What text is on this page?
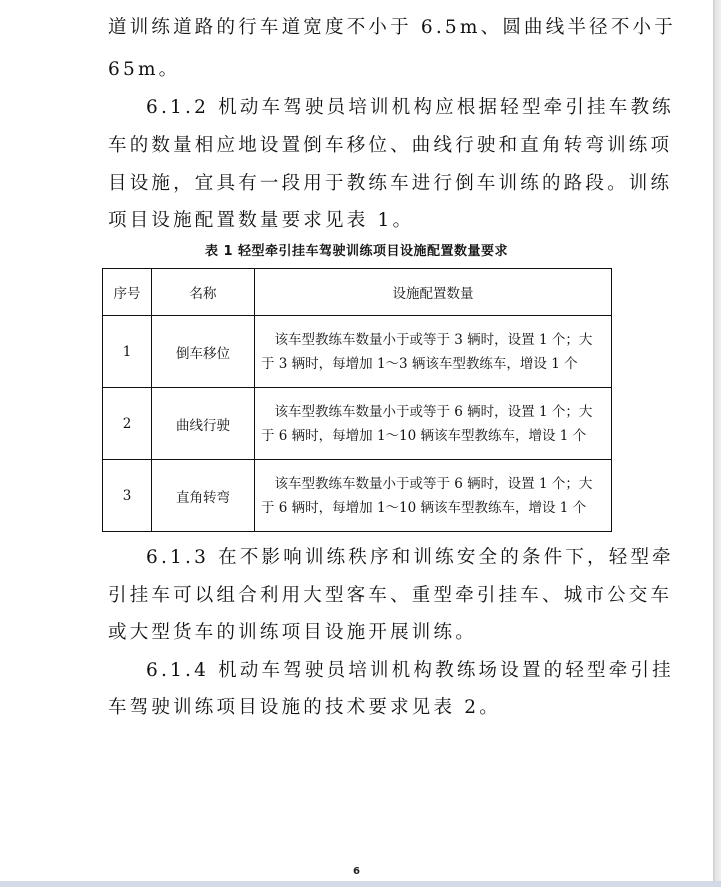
道训练道路的行车道宽度不小于 6.5m、圆曲线半径不小于
65m。
6.1.2 机动车驾驶员培训机构应根据轻型牵引挂车教练
车的数量相应地设置倒车移位、曲线行驶和直角转弯训练项
目设施，宜具有一段用于教练车进行倒车训练的路段。训练
项目设施配置数量要求见表 1。
表 1 轻型牵引挂车驾驶训练项目设施配置数量要求
序号	名称	设施配置数量
1	倒车移位	　该车型教练车数量小于或等于 3 辆时，设置 1 个；大
于 3 辆时，每增加 1～3 辆该车型教练车，增设 1 个

2	曲线行驶	　该车型教练车数量小于或等于 6 辆时，设置 1 个；大
于 6 辆时，每增加 1～10 辆该车型教练车，增设 1 个

3	直角转弯	　该车型教练车数量小于或等于 6 辆时，设置 1 个；大
于 6 辆时，每增加 1～10 辆该车型教练车，增设 1 个
6.1.3 在不影响训练秩序和训练安全的条件下，轻型牵
引挂车可以组合利用大型客车、重型牵引挂车、城市公交车
或大型货车的训练项目设施开展训练。
6.1.4 机动车驾驶员培训机构教练场设置的轻型牵引挂
车驾驶训练项目设施的技术要求见表 2。
6
